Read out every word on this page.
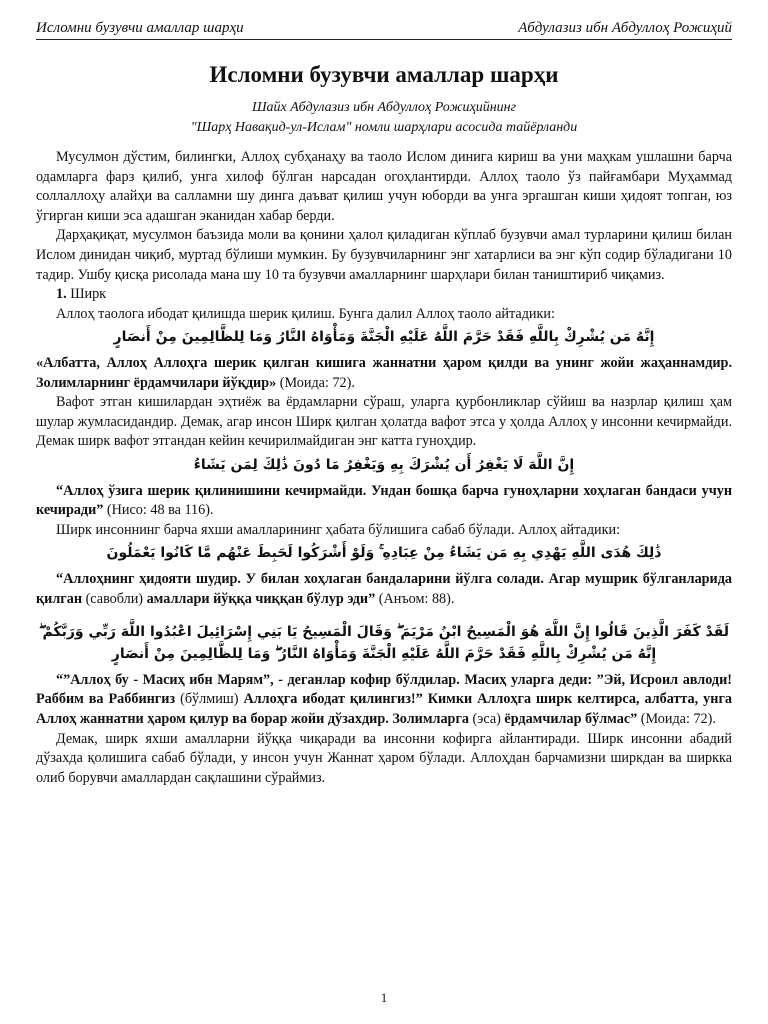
Исломни бузувчи амаллар шарҳи	Абдулазиз ибн Абдуллоҳ Рожиҳий
Исломни бузувчи амаллар шарҳи
Шайх Абдулазиз ибн Абдуллоҳ Рожиҳийнинг
"Шарҳ Навақид-ул-Ислам" номли шарҳлари асосида тайёрланди

Мусулмон дўстим, билингки, Аллоҳ субҳанаҳу ва таоло Ислом динига кириш ва уни маҳкам ушлашни барча одамларга фарз қилиб, унга хилоф бўлган нарсадан огоҳлантирди. Аллоҳ таоло ўз пайғамбари Муҳаммад соллаллоҳу алайҳи ва салламни шу динга даъват қилиш учун юборди ва унга эргашган киши ҳидоят топган, юз ўгирган киши эса адашган эканидан хабар берди.

Дарҳақиқат, мусулмон баъзида моли ва қонини ҳалол қиладиган кўплаб бузувчи амал турларини қилиш билан Ислом динидан чиқиб, муртад бўлиши мумкин. Бу бузувчиларнинг энг хатарлиси ва энг кўп содир бўладигани 10 тадир. Ушбу қисқа рисолада мана шу 10 та бузувчи амалларнинг шарҳлари билан таништириб чиқамиз.

1. Ширк

Аллоҳ таологa ибодат қилишда шерик қилиш. Бунга далил Аллоҳ таоло айтадики:

إِنَّهُ مَن يُشْرِكْ بِاللَّهِ فَقَدْ حَرَّمَ اللَّهُ عَلَيْهِ الْجَنَّةَ وَمَأْوَاهُ النَّارُ وَمَا لِلظَّالِمِينَ مِنْ أَنصَارٍ

«Албатта, Аллоҳ Аллоҳга шерик қилган кишига жаннатни ҳаром қилди ва унинг жойи жаҳаннамдир. Золимларнинг ёрдамчилари йўқдир» (Моида: 72).

Вафот этган кишилардан эҳтиёж ва ёрдамларни сўраш, уларга қурбонликлар сўйиш ва назрлар қилиш ҳам шулар жумласидандир. Демак, агар инсон Ширк қилган ҳолатда вафот этса у ҳолда Аллоҳ у инсонни кечирмайди. Демак ширк вафот этгандан кейин кечирилмайдиган энг катта гуноҳдир.

إِنَّ اللَّهَ لَا يَغْفِرُ أَن يُشْرَكَ بِهِ وَيَغْفِرُ مَا دُونَ ذَٰلِكَ لِمَن يَشَاءُ

“Аллоҳ ўзига шерик қилинишини кечирмайди. Ундан бошқа барча гуноҳларни хоҳлаган бандаси учун кечиради” (Нисо: 48 ва 116).

Ширк инсоннинг барча яхши амалларининг ҳабата бўлишига сабаб бўлади. Аллоҳ айтадики:

ذَٰلِكَ هُدَى اللَّهِ يَهْدِي بِهِ مَن يَشَاءُ مِنْ عِبَادِهِ ۚ وَلَوْ أَشْرَكُوا لَحَبِطَ عَنْهُم مَّا كَانُوا يَعْمَلُونَ

“Аллоҳнинг ҳидояти шудир. У билан хоҳлаган бандаларини йўлга солади. Агар мушрик бўлганларида қилган (савобли) амаллари йўққа чиққан бўлур эди” (Анъом: 88).

لَقَدْ كَفَرَ الَّذِينَ قَالُوا إِنَّ اللَّهَ هُوَ الْمَسِيحُ ابْنُ مَرْيَمَ ۖ وَقَالَ الْمَسِيحُ يَا بَنِي إِسْرَائِيلَ اعْبُدُوا اللَّهَ رَبِّي وَرَبَّكُمْ ۖ إِنَّهُ مَن يُشْرِكْ بِاللَّهِ فَقَدْ حَرَّمَ اللَّهُ عَلَيْهِ الْجَنَّةَ وَمَأْوَاهُ النَّارُ ۖ وَمَا لِلظَّالِمِينَ مِنْ أَنصَارٍ

“”Аллоҳ бу - Масиҳ ибн Марям”, - деганлар кофир бўлдилар. Масиҳ уларга деди: ”Эй, Исроил авлоди! Раббим ва Раббингиз (бўлмиш) Аллоҳга ибодат қилингиз!” Кимки Аллоҳга ширк келтирса, албатта, унга Аллоҳ жаннатни ҳаром қилур ва борар жойи дўзахдир. Золимларга (эса) ёрдамчилар бўлмас” (Моида: 72).

Демак, ширк яхши амалларни йўққа чиқаради ва инсонни кофирга айлантиради. Ширк инсонни абадий дўзахда қолишига сабаб бўлади, у инсон учун Жаннат ҳаром бўлади. Аллоҳдан барчамизни ширкдан ва ширкка олиб борувчи амаллардан сақлашини сўраймиз.

1
